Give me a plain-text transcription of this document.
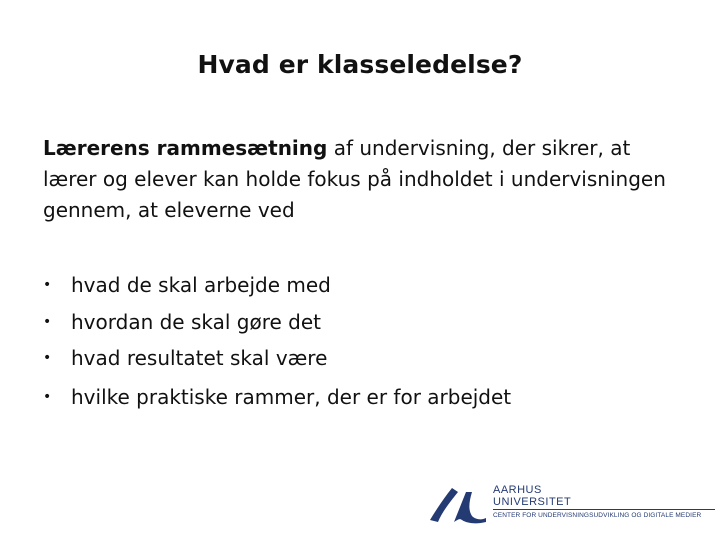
Hvad er klasseledelse?
Lærerens rammesætning af undervisning, der sikrer, at lærer og elever kan holde fokus på indholdet i undervisningen gennem, at eleverne ved
• hvad de skal arbejde med
• hvordan de skal gøre det
• hvad resultatet skal være
• hvilke praktiske rammer, der er for arbejdet
AARHUS
UNIVERSITET
CENTER FOR UNDERVISNINGSUDVIKLING OG DIGITALE MEDIER
